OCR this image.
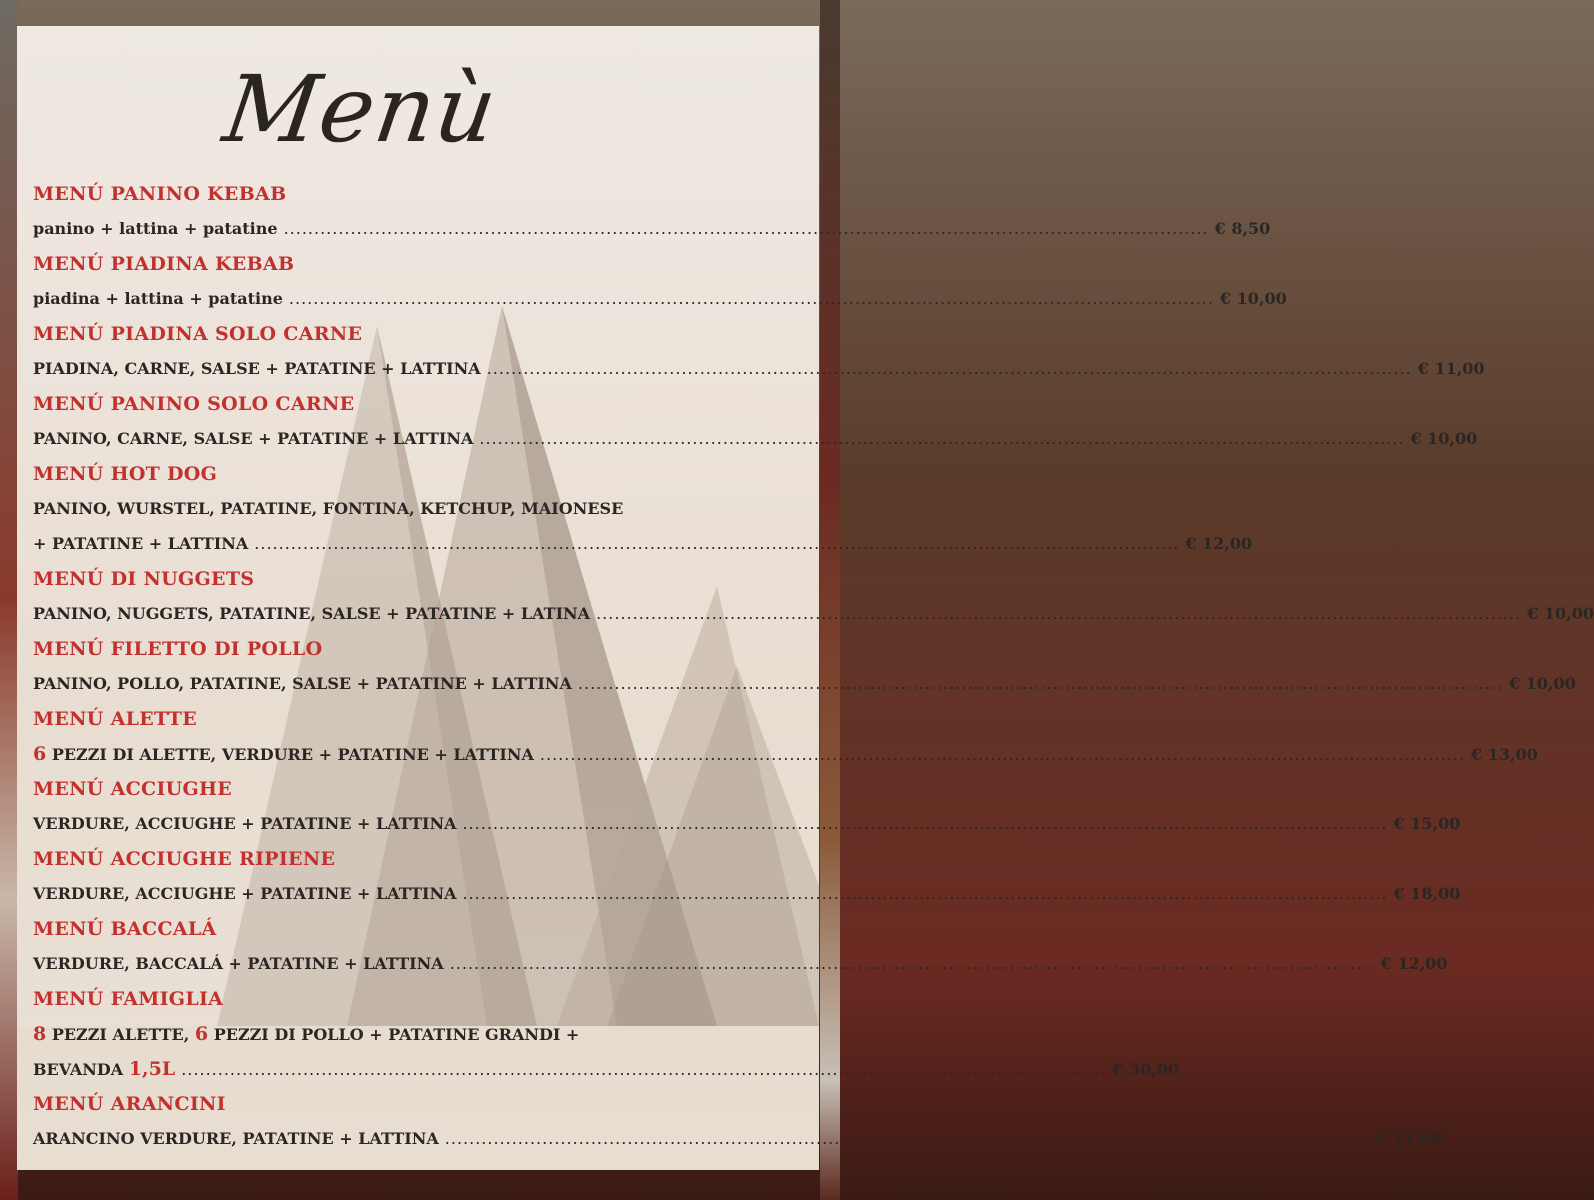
Menù
MENÚ PANINO KEBAB
panino + lattina + patatine ........................................................................................................................................................ € 8,50
MENÚ PIADINA KEBAB
piadina + lattina + patatine ........................................................................................................................................................ € 10,00
MENÚ PIADINA SOLO CARNE
PIADINA, CARNE, SALSE + PATATINE + LATTINA ........................................................................................................................................................ € 11,00
MENÚ PANINO SOLO CARNE
PANINO, CARNE, SALSE + PATATINE + LATTINA ........................................................................................................................................................ € 10,00
MENÚ HOT DOG
PANINO, WURSTEL, PATATINE, FONTINA, KETCHUP, MAIONESE
+ PATATINE + LATTINA ........................................................................................................................................................ € 12,00
MENÚ DI NUGGETS
PANINO, NUGGETS, PATATINE, SALSE + PATATINE + LATINA ........................................................................................................................................................ € 10,00
MENÚ FILETTO DI POLLO
PANINO, POLLO, PATATINE, SALSE + PATATINE + LATTINA ........................................................................................................................................................ € 10,00
MENÚ ALETTE
6 PEZZI DI ALETTE, VERDURE + PATATINE + LATTINA ........................................................................................................................................................ € 13,00
MENÚ ACCIUGHE
VERDURE, ACCIUGHE + PATATINE + LATTINA ........................................................................................................................................................ € 15,00
MENÚ ACCIUGHE RIPIENE
VERDURE, ACCIUGHE + PATATINE + LATTINA ........................................................................................................................................................ € 18,00
MENÚ BACCALÁ
VERDURE, BACCALÁ + PATATINE + LATTINA ........................................................................................................................................................ € 12,00
MENÚ FAMIGLIA
8 PEZZI ALETTE, 6 PEZZI DI POLLO + PATATINE GRANDI +
BEVANDA 1,5L ........................................................................................................................................................ € 30,00
MENÚ ARANCINI
ARANCINO VERDURE, PATATINE + LATTINA ........................................................................................................................................................ € 11,00
